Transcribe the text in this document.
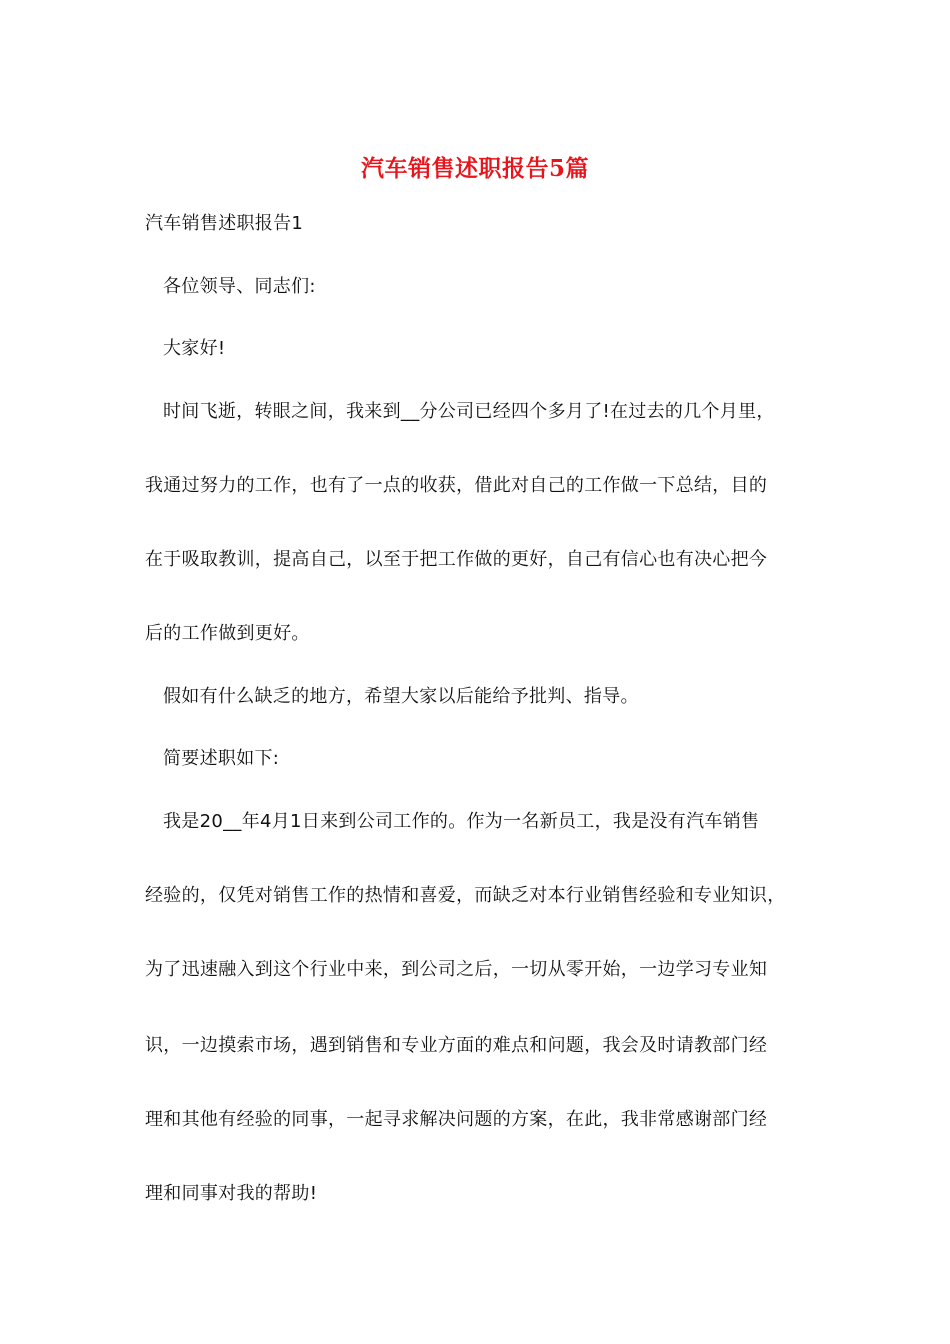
汽车销售述职报告5篇
汽车销售述职报告1
各位领导、同志们:
大家好!
时间飞逝，转眼之间，我来到__分公司已经四个多月了!在过去的几个月里，
我通过努力的工作，也有了一点的收获，借此对自己的工作做一下总结，目的
在于吸取教训，提高自己，以至于把工作做的更好，自己有信心也有决心把今
后的工作做到更好。
假如有什么缺乏的地方，希望大家以后能给予批判、指导。
简要述职如下:
我是20__年4月1日来到公司工作的。作为一名新员工，我是没有汽车销售
经验的，仅凭对销售工作的热情和喜爱，而缺乏对本行业销售经验和专业知识，
为了迅速融入到这个行业中来，到公司之后，一切从零开始，一边学习专业知
识，一边摸索市场，遇到销售和专业方面的难点和问题，我会及时请教部门经
理和其他有经验的同事，一起寻求解决问题的方案，在此，我非常感谢部门经
理和同事对我的帮助!
